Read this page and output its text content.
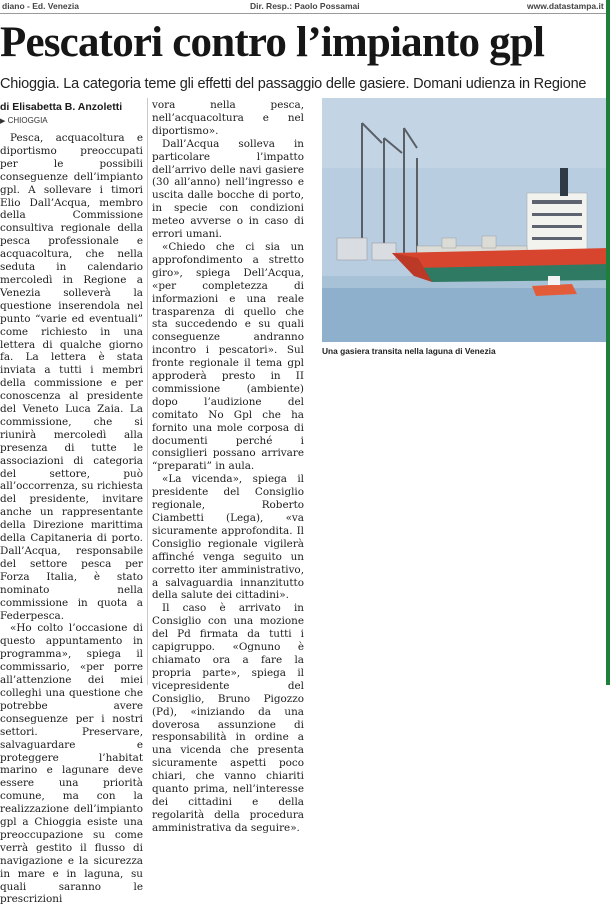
diano - Ed. Venezia	Dir. Resp.: Paolo Possamai	www.datastampa.it
Pescatori contro l’impianto gpl
Chioggia. La categoria teme gli effetti del passaggio delle gasiere. Domani udienza in Regione
di Elisabetta B. Anzoletti
▶ CHIOGGIA

Pesca, acquacoltura e diportismo preoccupati per le possibili conseguenze dell’impianto gpl. A sollevare i timori Elio Dall’Acqua, membro della Commissione consultiva regionale della pesca professionale e acquacoltura, che nella seduta in calendario mercoledì in Regione a Venezia solleverà la questione inserendola nel punto “varie ed eventuali” come richiesto in una lettera di qualche giorno fa. La lettera è stata inviata a tutti i membri della commissione e per conoscenza al presidente del Veneto Luca Zaia. La commissione, che si riunirà mercoledì alla presenza di tutte le associazioni di categoria del settore, può all’occorrenza, su richiesta del presidente, invitare anche un rappresentante della Direzione marittima della Capitaneria di porto. Dall’Acqua, responsabile del settore pesca per Forza Italia, è stato nominato nella commissione in quota a Federpesca.

«Ho colto l’occasione di questo appuntamento in programma», spiega il commissario, «per porre all’attenzione dei miei colleghi una questione che potrebbe avere conseguenze per i nostri settori. Preservare, salvaguardare e proteggere l’habitat marino e lagunare deve essere una priorità comune, ma con la realizzazione dell’impianto gpl a Chioggia esiste una preoccupazione su come verrà gestito il flusso di navigazione e la sicurezza in mare e in laguna, su quali saranno le prescrizioni

vora nella pesca, nell’acquacoltura e nel diportismo».

Dall’Acqua solleva in particolare l’impatto dell’arrivo delle navi gasiere (30 all’anno) nell’ingresso e uscita dalle bocche di porto, in specie con condizioni meteo avverse o in caso di errori umani.

«Chiedo che ci sia un approfondimento a stretto giro», spiega Dell’Acqua, «per completezza di informazioni e una reale trasparenza di quello che sta succedendo e su quali conseguenze andranno incontro i pescatori». Sul fronte regionale il tema gpl approderà presto in II commissione (ambiente) dopo l’audizione del comitato No Gpl che ha fornito una mole corposa di documenti perché i consiglieri possano arrivare “preparati” in aula.

«La vicenda», spiega il presidente del Consiglio regionale, Roberto Ciambetti (Lega), «va sicuramente approfondita. Il Consiglio regionale vigilerà affinché venga seguito un corretto iter amministrativo, a salvaguardia innanzitutto della salute dei cittadini».

Il caso è arrivato in Consiglio con una mozione del Pd firmata da tutti i capigruppo. «Ognuno è chiamato ora a fare la propria parte», spiega il vicepresidente del Consiglio, Bruno Pigozzo (Pd), «iniziando da una doverosa assunzione di responsabilità in ordine a una vicenda che presenta sicuramente aspetti poco chiari, che vanno chiariti quanto prima, nell’interesse dei cittadini e della regolarità della procedura amministrativa da seguire».

Una gasiera transita nella laguna di Venezia
